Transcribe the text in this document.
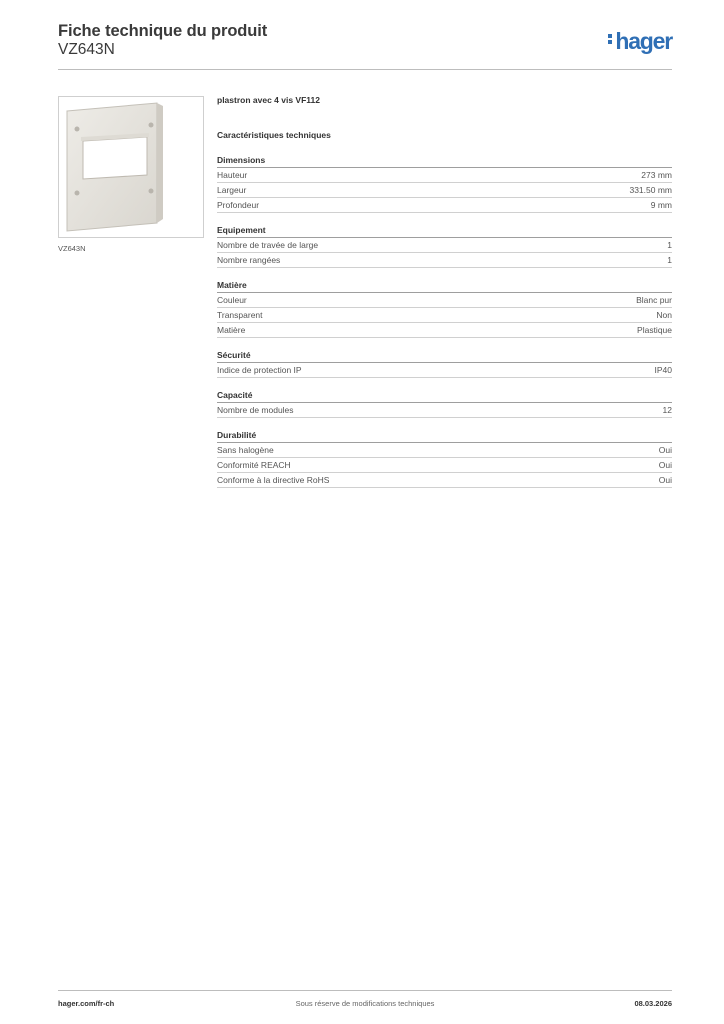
Fiche technique du produit
VZ643N	hager
VZ643N
plastron avec 4 vis VF112
Caractéristiques techniques
Dimensions
Hauteur	273 mm
Largeur	331.50 mm
Profondeur	9 mm
Equipement
Nombre de travée de large	1
Nombre rangées	1
Matière
Couleur	Blanc pur
Transparent	Non
Matière	Plastique
Sécurité
Indice de protection IP	IP40
Capacité
Nombre de modules	12
Durabilité
Sans halogène	Oui
Conformité REACH	Oui
Conforme à la directive RoHS	Oui
hager.com/fr-ch	Sous réserve de modifications techniques	08.03.2026
